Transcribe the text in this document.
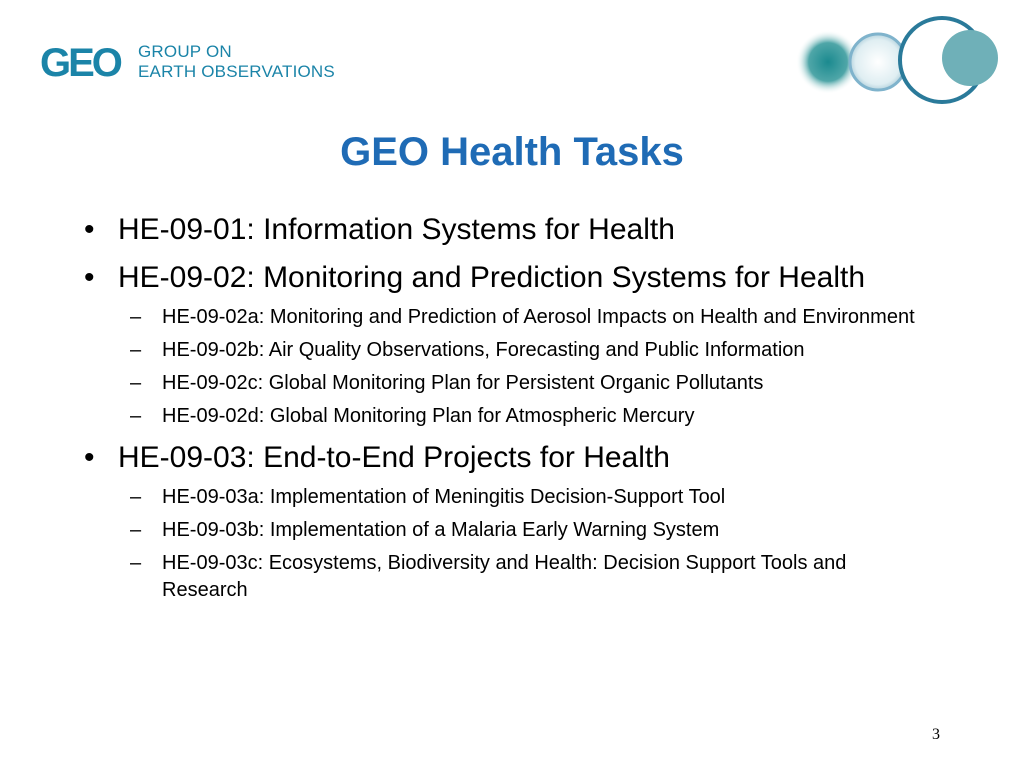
GEO GROUP ON
EARTH OBSERVATIONS
GEO Health Tasks
• HE-09-01: Information Systems for Health
• HE-09-02: Monitoring and Prediction Systems for Health
– HE-09-02a: Monitoring and Prediction of Aerosol Impacts on Health and Environment
– HE-09-02b: Air Quality Observations, Forecasting and Public Information
– HE-09-02c: Global Monitoring Plan for Persistent Organic Pollutants
– HE-09-02d: Global Monitoring Plan for Atmospheric Mercury
• HE-09-03: End-to-End Projects for Health
– HE-09-03a: Implementation of Meningitis Decision-Support Tool
– HE-09-03b: Implementation of a Malaria Early Warning System
– HE-09-03c: Ecosystems, Biodiversity and Health: Decision Support Tools and Research
3
